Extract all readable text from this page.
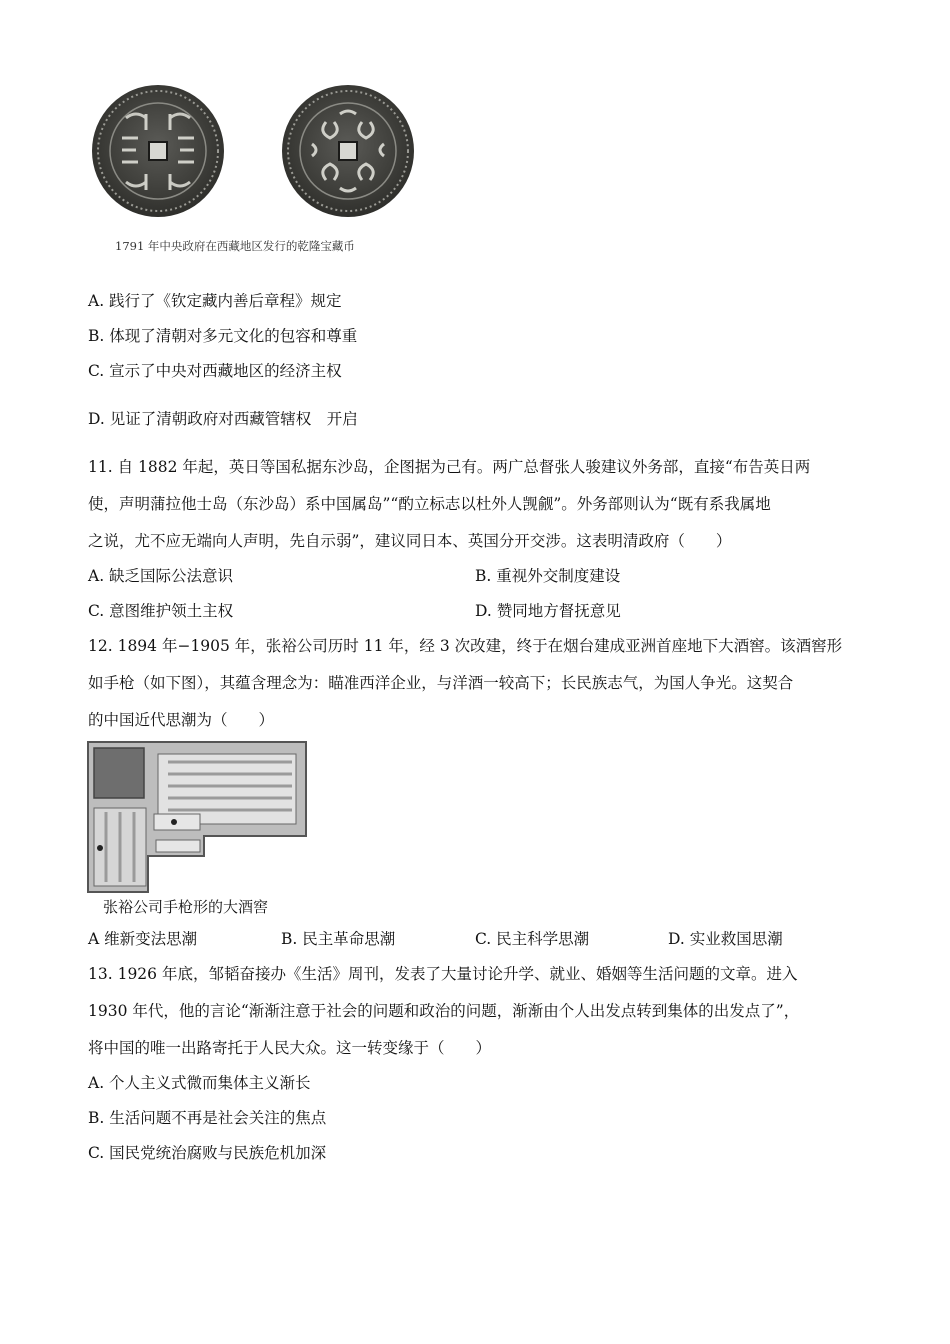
1791 年中央政府在西藏地区发行的乾隆宝藏币
A. 践行了《钦定藏内善后章程》规定
B. 体现了清朝对多元文化的包容和尊重
C. 宣示了中央对西藏地区的经济主权
D. 见证了清朝政府对西藏管辖权　开启
11. 自 1882 年起，英日等国私据东沙岛，企图据为己有。两广总督张人骏建议外务部，直接“布告英日两
使，声明蒲拉他士岛（东沙岛）系中国属岛”“酌立标志以杜外人觊觎”。外务部则认为“既有系我属地
之说，尤不应无端向人声明，先自示弱”，建议同日本、英国分开交涉。这表明清政府（　　）
A. 缺乏国际公法意识	B. 重视外交制度建设
C. 意图维护领土主权	D. 赞同地方督抚意见
12. 1894 年−1905 年，张裕公司历时 11 年，经 3 次改建，终于在烟台建成亚洲首座地下大酒窖。该酒窖形
如手枪（如下图），其蕴含理念为：瞄准西洋企业，与洋酒一较高下；长民族志气，为国人争光。这契合
的中国近代思潮为（　　）
张裕公司手枪形的大酒窖
A 维新变法思潮	B. 民主革命思潮	C. 民主科学思潮	D. 实业救国思潮
13. 1926 年底，邹韬奋接办《生活》周刊，发表了大量讨论升学、就业、婚姻等生活问题的文章。进入
1930 年代，他的言论“渐渐注意于社会的问题和政治的问题，渐渐由个人出发点转到集体的出发点了”，
将中国的唯一出路寄托于人民大众。这一转变缘于（　　）
A. 个人主义式微而集体主义渐长
B. 生活问题不再是社会关注的焦点
C. 国民党统治腐败与民族危机加深
